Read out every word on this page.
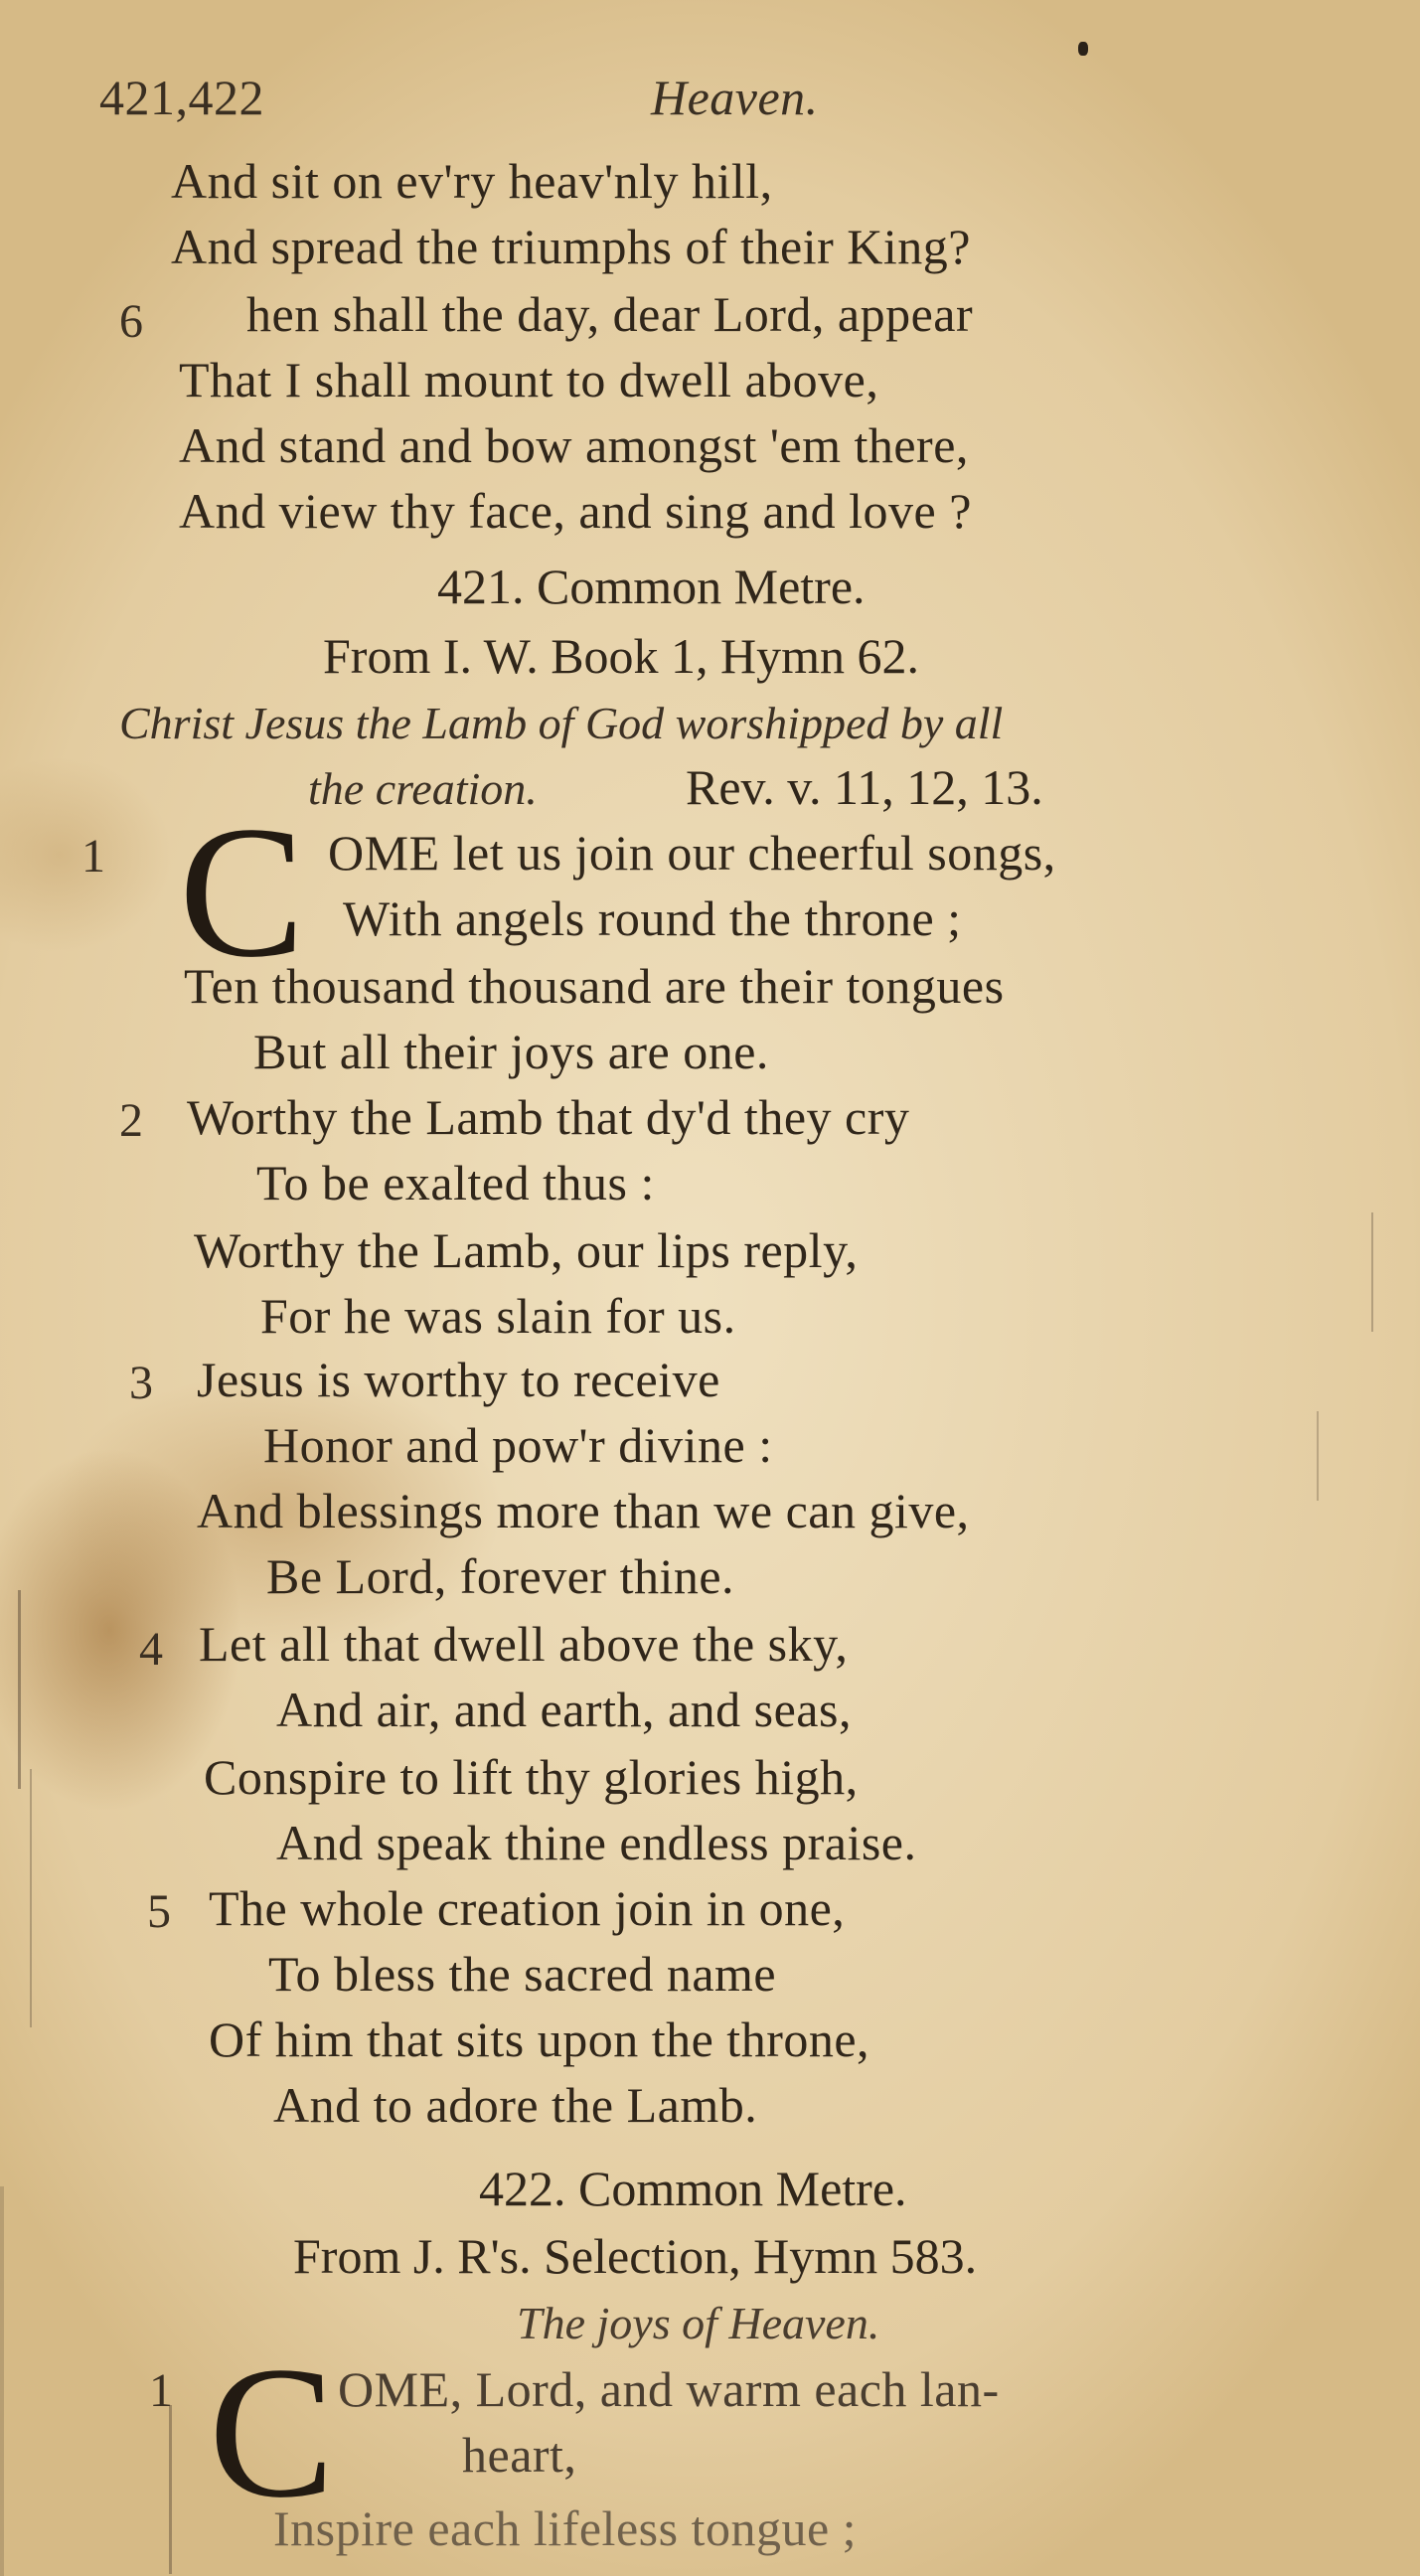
421,422	Heaven.
And sit on ev'ry heav'nly hill,
And spread the triumphs of their King?
6 hen shall the day, dear Lord, appear
That I shall mount to dwell above,
And stand and bow amongst 'em there,
And view thy face, and sing and love ?
421. Common Metre.
From I. W. Book 1, Hymn 62.
Christ Jesus the Lamb of God worshipped by all
the creation.	Rev. v. 11, 12, 13.
1 C OME let us join our cheerful songs,
With angels round the throne ;
Ten thousand thousand are their tongues
But all their joys are one.
2 Worthy the Lamb that dy'd they cry
To be exalted thus :
Worthy the Lamb, our lips reply,
For he was slain for us.
3 Jesus is worthy to receive
Honor and pow'r divine :
And blessings more than we can give,
Be Lord, forever thine.
4 Let all that dwell above the sky,
And air, and earth, and seas,
Conspire to lift thy glories high,
And speak thine endless praise.
5 The whole creation join in one,
To bless the sacred name
Of him that sits upon the throne,
And to adore the Lamb.
422. Common Metre.
From J. R's. Selection, Hymn 583.
The joys of Heaven.
1 C OME, Lord, and warm each lan-
heart,
Inspire each lifeless tongue ;
